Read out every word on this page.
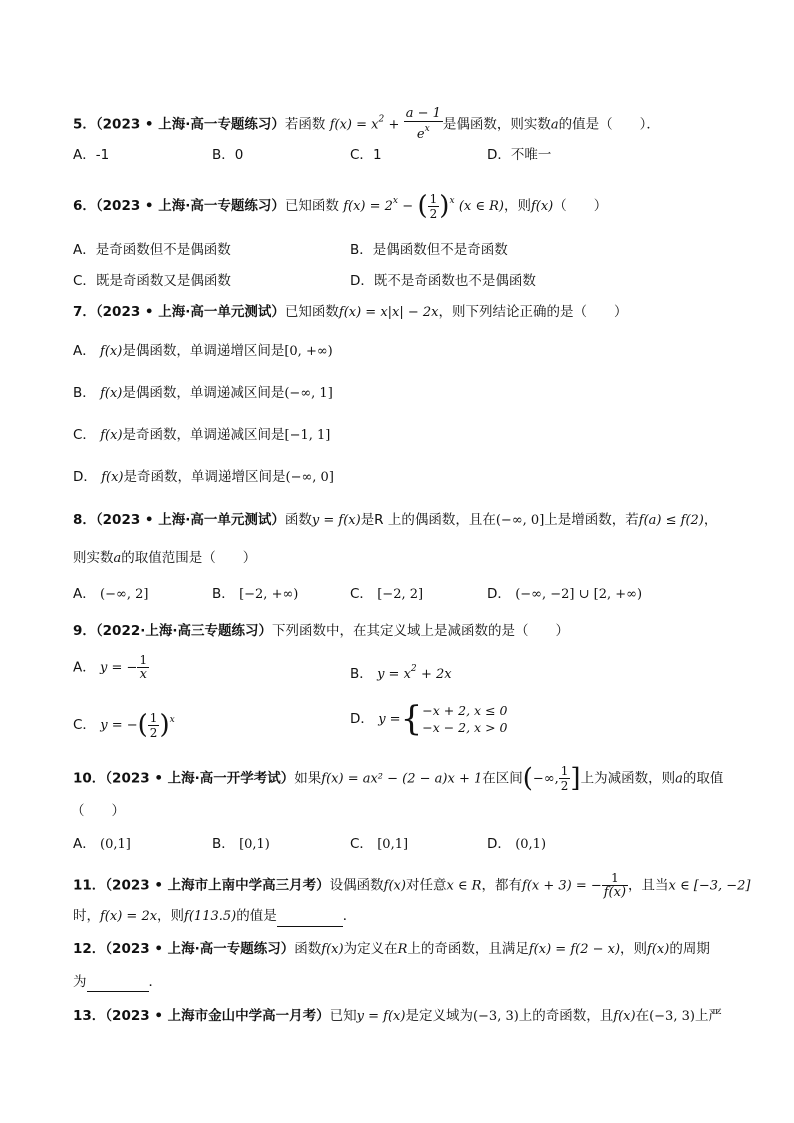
5．（2023 • 上海·高一专题练习）若函数 $f(x) = x^2 + \frac{a - 1}{e^x}$ 是偶函数，则实数a的值是（　　）．
A．-1	B．0	C．1	D．不唯一
6．（2023 • 上海·高一专题练习）已知函数 $f(x) = 2^x$ − ( $\frac{1}{2} )^x$ (x ∈ R)，则f(x)（　　）
A．是奇函数但不是偶函数	B．是偶函数但不是奇函数
C．既是奇函数又是偶函数	D．既不是奇函数也不是偶函数
7．（2023 • 上海·高一单元测试）已知函数f(x) = x|x| − 2x，则下列结论正确的是（　　）
A． f(x)是偶函数，单调递增区间是[0, +∞)
B． f(x)是偶函数，单调递减区间是(−∞, 1]
C． f(x)是奇函数，单调递减区间是[−1, 1]
D． f(x)是奇函数，单调递增区间是(−∞, 0]
8．（2023 • 上海·高一单元测试）函数y = f(x)是R 上的偶函数，且在(−∞, 0]上是增函数，若f(a) ≤ f(2)，
则实数a的取值范围是（　　）
A． (−∞, 2]	B． [−2, +∞)	C． [−2, 2]	D． (−∞, −2] ∪ [2, +∞)
9．（2022·上海·高三专题练习）下列函数中，在其定义域上是减函数的是（　　）
A． y = − $\frac{1}{x}$	B． $y = x^2 + 2x$
C． y = −( $\frac{1}{2} )^x$	D． y ={ −x + 2, x ≤ 0
−x − 2, x > 0
10．（2023 • 上海·高一开学考试）如果f(x) = ax² − (2 − a)x + 1在区间(−∞, $\frac{1}{2}$ ]上为减函数，则a的取值
（　　）
A． (0,1]	B． [0,1)	C． [0,1]	D． (0,1)
11．（2023 • 上海市上南中学高三月考）设偶函数f(x)对任意x ∈ R，都有f(x + 3) = − $\frac{1}{f(x)}$ ，且当x ∈ [−3, −2]
时，f(x) = 2x，则f(113.5)的值是	．
12．（2023 • 上海·高一专题练习）函数f(x)为定义在R上的奇函数，且满足f(x) = f(2 − x)，则f(x)的周期
为	．
13．（2023 • 上海市金山中学高一月考）已知y = f(x)是定义域为(−3, 3)上的奇函数，且f(x)在(−3, 3)上严
